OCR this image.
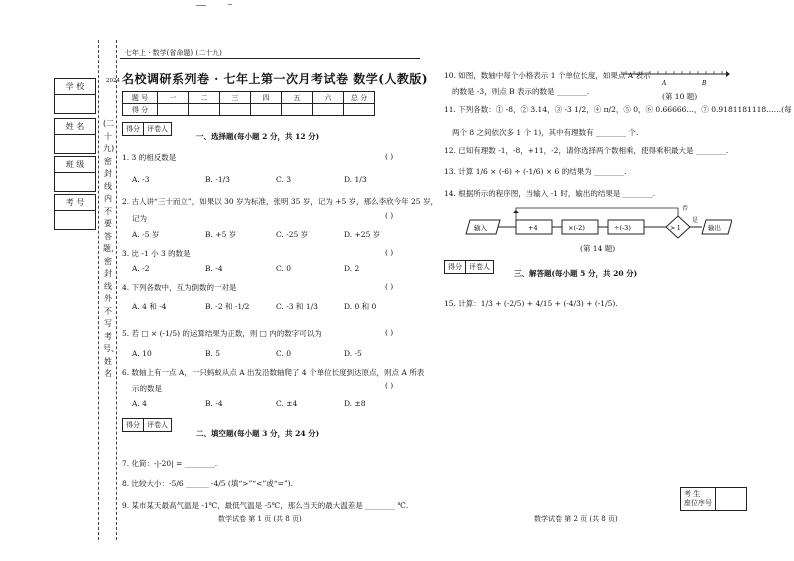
学 校
姓 名
班 级
考 号
2024
(二十九)密封线内不要答题，密封线外不写考号、姓名
七年上 · 数学(省命题) (二十九)
名校调研系列卷 · 七年上第一次月考试卷 数学(人教版)
题 号	一	二	三	四	五	六	总 分
得 分							
得分	评卷人
一、选择题(每小题 2 分，共 12 分)
1. 3 的相反数是	( )
A. -3	B. -1/3	C. 3	D. 1/3
2. 古人讲“三十而立”，如果以 30 岁为标准，张明 35 岁，记为 +5 岁，那么李欣今年 25 岁，
记为	( )
A. -5 岁	B. +5 岁	C. -25 岁	D. +25 岁
3. 比 -1 小 3 的数是	( )
A. -2	B. -4	C. 0	D. 2
4. 下列各数中，互为倒数的一对是	( )
A. 4 和 -4	B. -2 和 -1/2	C. -3 和 1/3	D. 0 和 0
5. 若 □ × (-1/5) 的运算结果为正数，则 □ 内的数字可以为	( )
A. 10	B. 5	C. 0	D. -5
6. 数轴上有一点 A，一只蚂蚁从点 A 出发沿数轴爬了 4 个单位长度到达原点，则点 A 所表
示的数是	( )
A. 4	B. -4	C. ±4	D. ±8
得分	评卷人
二、填空题(每小题 3 分，共 24 分)
7. 化简：-|-20| = ________.
8. 比较大小：-5/6 ______ -4/5 (填“>”“<”或“=”).
9. 某市某天最高气温是 -1℃，最低气温是 -5℃，那么当天的最大温差是 ________ ℃.
数学试卷 第 1 页 (共 8 页)
10. 如图，数轴中每个小格表示 1 个单位长度，如果点 A 表示
的数是 -3，则点 B 表示的数是 ________.
A	B
(第 10 题)
11. 下列各数：① -8，② 3.14，③ -3 1/2，④ π/2，⑤ 0，⑥ 0.66666…，⑦ 0.9181181118……(每
两个 8 之间依次多 1 个 1)，其中有理数有 ________ 个.
12. 已知有理数 -1，-8，+11，-2，请你选择两个数相乘，使得乘积最大是 ________.
13. 计算 1/6 × (-6) ÷ (-1/6) × 6 的结果为 ________.
14. 根据所示的程序图，当输入 -1 时，输出的结果是 ________.
输入	+4	×(-2)	÷(-3)	> 1
否
是
输出
(第 14 题)
得分	评卷人
三、解答题(每小题 5 分，共 20 分)
15. 计算：1/3 + (-2/5) + 4/15 + (-4/3) + (-1/5).
考 生
座位序号
数学试卷 第 2 页 (共 8 页)
